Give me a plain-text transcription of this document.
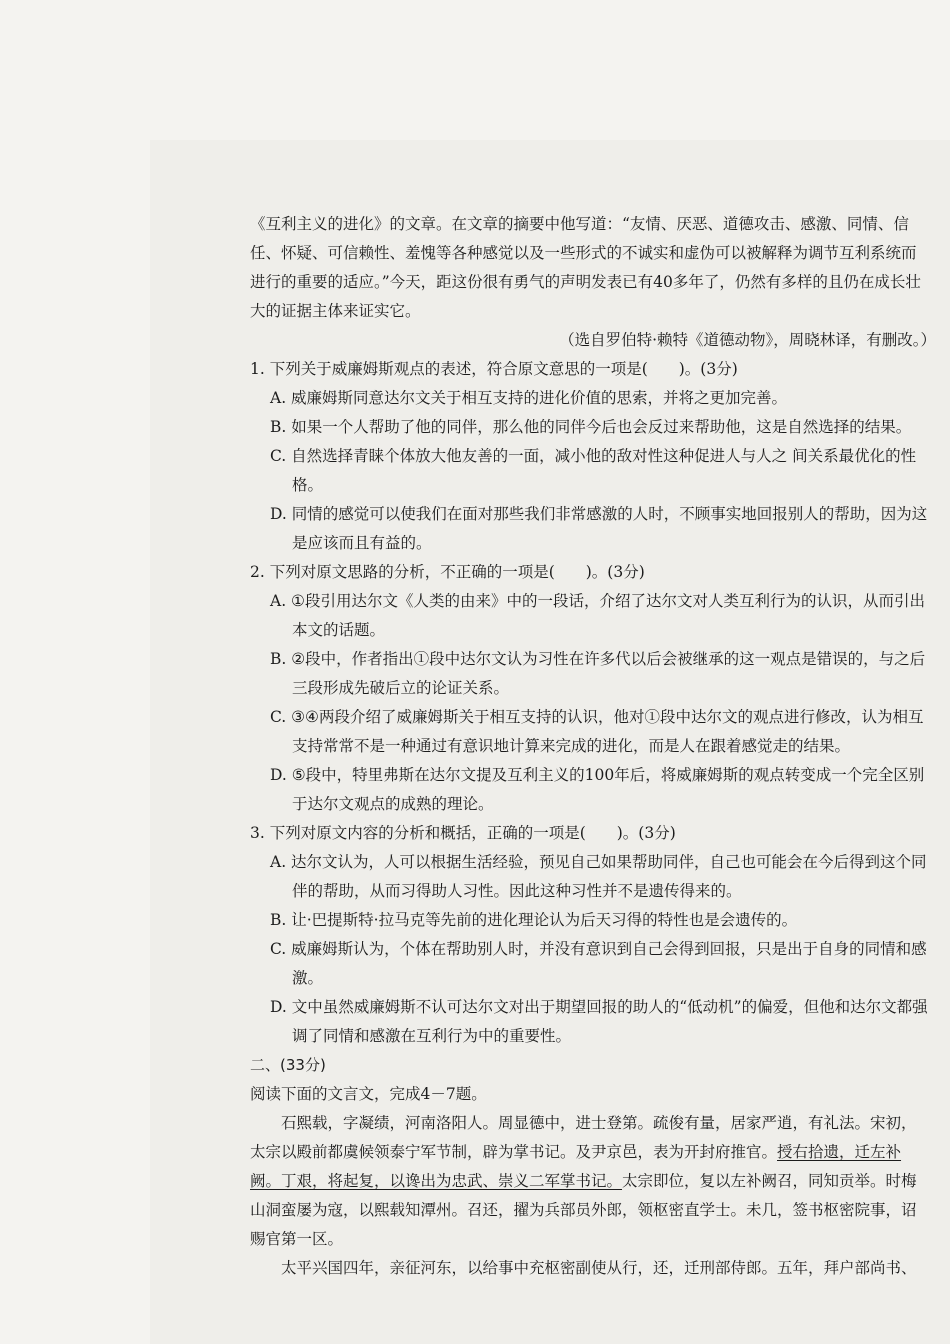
《互利主义的进化》的文章。在文章的摘要中他写道：“友情、厌恶、道德攻击、感激、同情、信任、怀疑、可信赖性、羞愧等各种感觉以及一些形式的不诚实和虚伪可以被解释为调节互利系统而进行的重要的适应。”今天，距这份很有勇气的声明发表已有40多年了，仍然有多样的且仍在成长壮大的证据主体来证实它。

（选自罗伯特·赖特《道德动物》，周晓林译，有删改。）

1. 下列关于威廉姆斯观点的表述，符合原文意思的一项是(　　)。(3分)

A. 威廉姆斯同意达尔文关于相互支持的进化价值的思索，并将之更加完善。

B. 如果一个人帮助了他的同伴，那么他的同伴今后也会反过来帮助他，这是自然选择的结果。

C. 自然选择青睐个体放大他友善的一面，减小他的敌对性这种促进人与人之 间关系最优化的性格。

D. 同情的感觉可以使我们在面对那些我们非常感激的人时，不顾事实地回报别人的帮助，因为这是应该而且有益的。

2. 下列对原文思路的分析，不正确的一项是(　　)。(3分)

A. ①段引用达尔文《人类的由来》中的一段话，介绍了达尔文对人类互利行为的认识，从而引出本文的话题。

B. ②段中，作者指出①段中达尔文认为习性在许多代以后会被继承的这一观点是错误的，与之后三段形成先破后立的论证关系。

C. ③④两段介绍了威廉姆斯关于相互支持的认识，他对①段中达尔文的观点进行修改，认为相互支持常常不是一种通过有意识地计算来完成的进化，而是人在跟着感觉走的结果。

D. ⑤段中，特里弗斯在达尔文提及互利主义的100年后，将威廉姆斯的观点转变成一个完全区别于达尔文观点的成熟的理论。

3. 下列对原文内容的分析和概括，正确的一项是(　　)。(3分)

A. 达尔文认为，人可以根据生活经验，预见自己如果帮助同伴，自己也可能会在今后得到这个同伴的帮助，从而习得助人习性。因此这种习性并不是遗传得来的。

B. 让·巴提斯特·拉马克等先前的进化理论认为后天习得的特性也是会遗传的。

C. 威廉姆斯认为，个体在帮助别人时，并没有意识到自己会得到回报，只是出于自身的同情和感激。

D. 文中虽然威廉姆斯不认可达尔文对出于期望回报的助人的“低动机”的偏爱，但他和达尔文都强调了同情和感激在互利行为中的重要性。

二、(33分)

阅读下面的文言文，完成4－7题。

石熙载，字凝绩，河南洛阳人。周显德中，进士登第。疏俊有量，居家严逍，有礼法。宋初，太宗以殿前都虞候领泰宁军节制，辟为掌书记。及尹京邑，表为开封府推官。授右拾遗，迁左补阙。丁艰，将起复，以谗出为忠武、崇义二军掌书记。太宗即位，复以左补阙召，同知贡举。时梅山洞蛮屡为寇，以熙载知潭州。召还，擢为兵部员外郎，领枢密直学士。未几，签书枢密院事，诏赐官第一区。

太平兴国四年，亲征河东，以给事中充枢密副使从行，还，迁刑部侍郎。五年，拜户部尚书、
